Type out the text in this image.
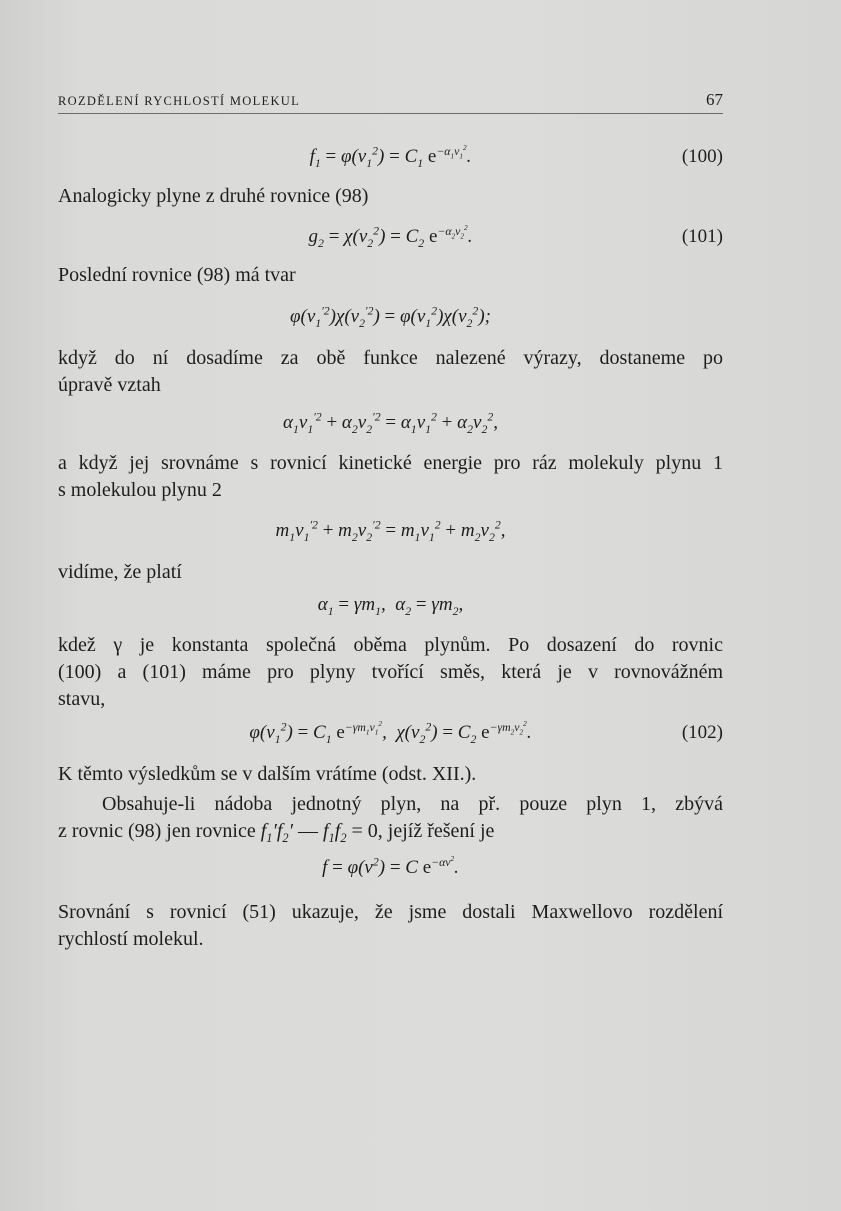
ROZDĚLENÍ RYCHLOSTÍ MOLEKUL	67
$f_1 = \varphi(v_1^2) = C_1$ $e^{-\alpha_1v_1^2}$.	(100)
Analogicky plyne z druhé rovnice (98)
$g_2 = \chi(v_2^2) = C_2$ $e^{-\alpha_2v_2^2}$.	(101)
Poslední rovnice (98) má tvar
$\varphi(v_1^{'2})\chi(v_2^{'2}) = \varphi(v_1^2)\chi(v_2^2)$;
když do ní dosadíme za obě funkce nalezené výrazy, dostaneme po
úpravě vztah
$\alpha_1v_1^{'2} + \alpha_2v_2^{'2} = \alpha_1v_1^2 + \alpha_2v_2^2$,
a když jej srovnáme s rovnicí kinetické energie pro ráz molekuly plynu 1
s molekulou plynu 2
$m_1v_1^{'2} + m_2v_2^{'2} = m_1v_1^2 + m_2v_2^2$,
vidíme, že platí
$\alpha_1 = \gamma m_1$,  $\alpha_2 = \gamma m_2$,
kdež γ je konstanta společná oběma plynům. Po dosazení do rovnic
(100) a (101) máme pro plyny tvořící směs, která je v rovnovážném
stavu,
$\varphi(v_1^2) = C_1$ $e^{-\gamma m_1v_1^2}$,  $\chi(v_2^2) = C_2$ $e^{-\gamma m_2v_2^2}$.	(102)
K těmto výsledkům se v dalším vrátíme (odst. XII.).
Obsahuje-li nádoba jednotný plyn, na př. pouze plyn 1, zbývá
z rovnic (98) jen rovnice $f_1'f_2'$ — $f_1f_2 = 0$, jejíž řešení je
$f = \varphi(v^2) = C$ $e^{-\alpha v^2}$.
Srovnání s rovnicí (51) ukazuje, že jsme dostali Maxwellovo rozdělení
rychlostí molekul.
